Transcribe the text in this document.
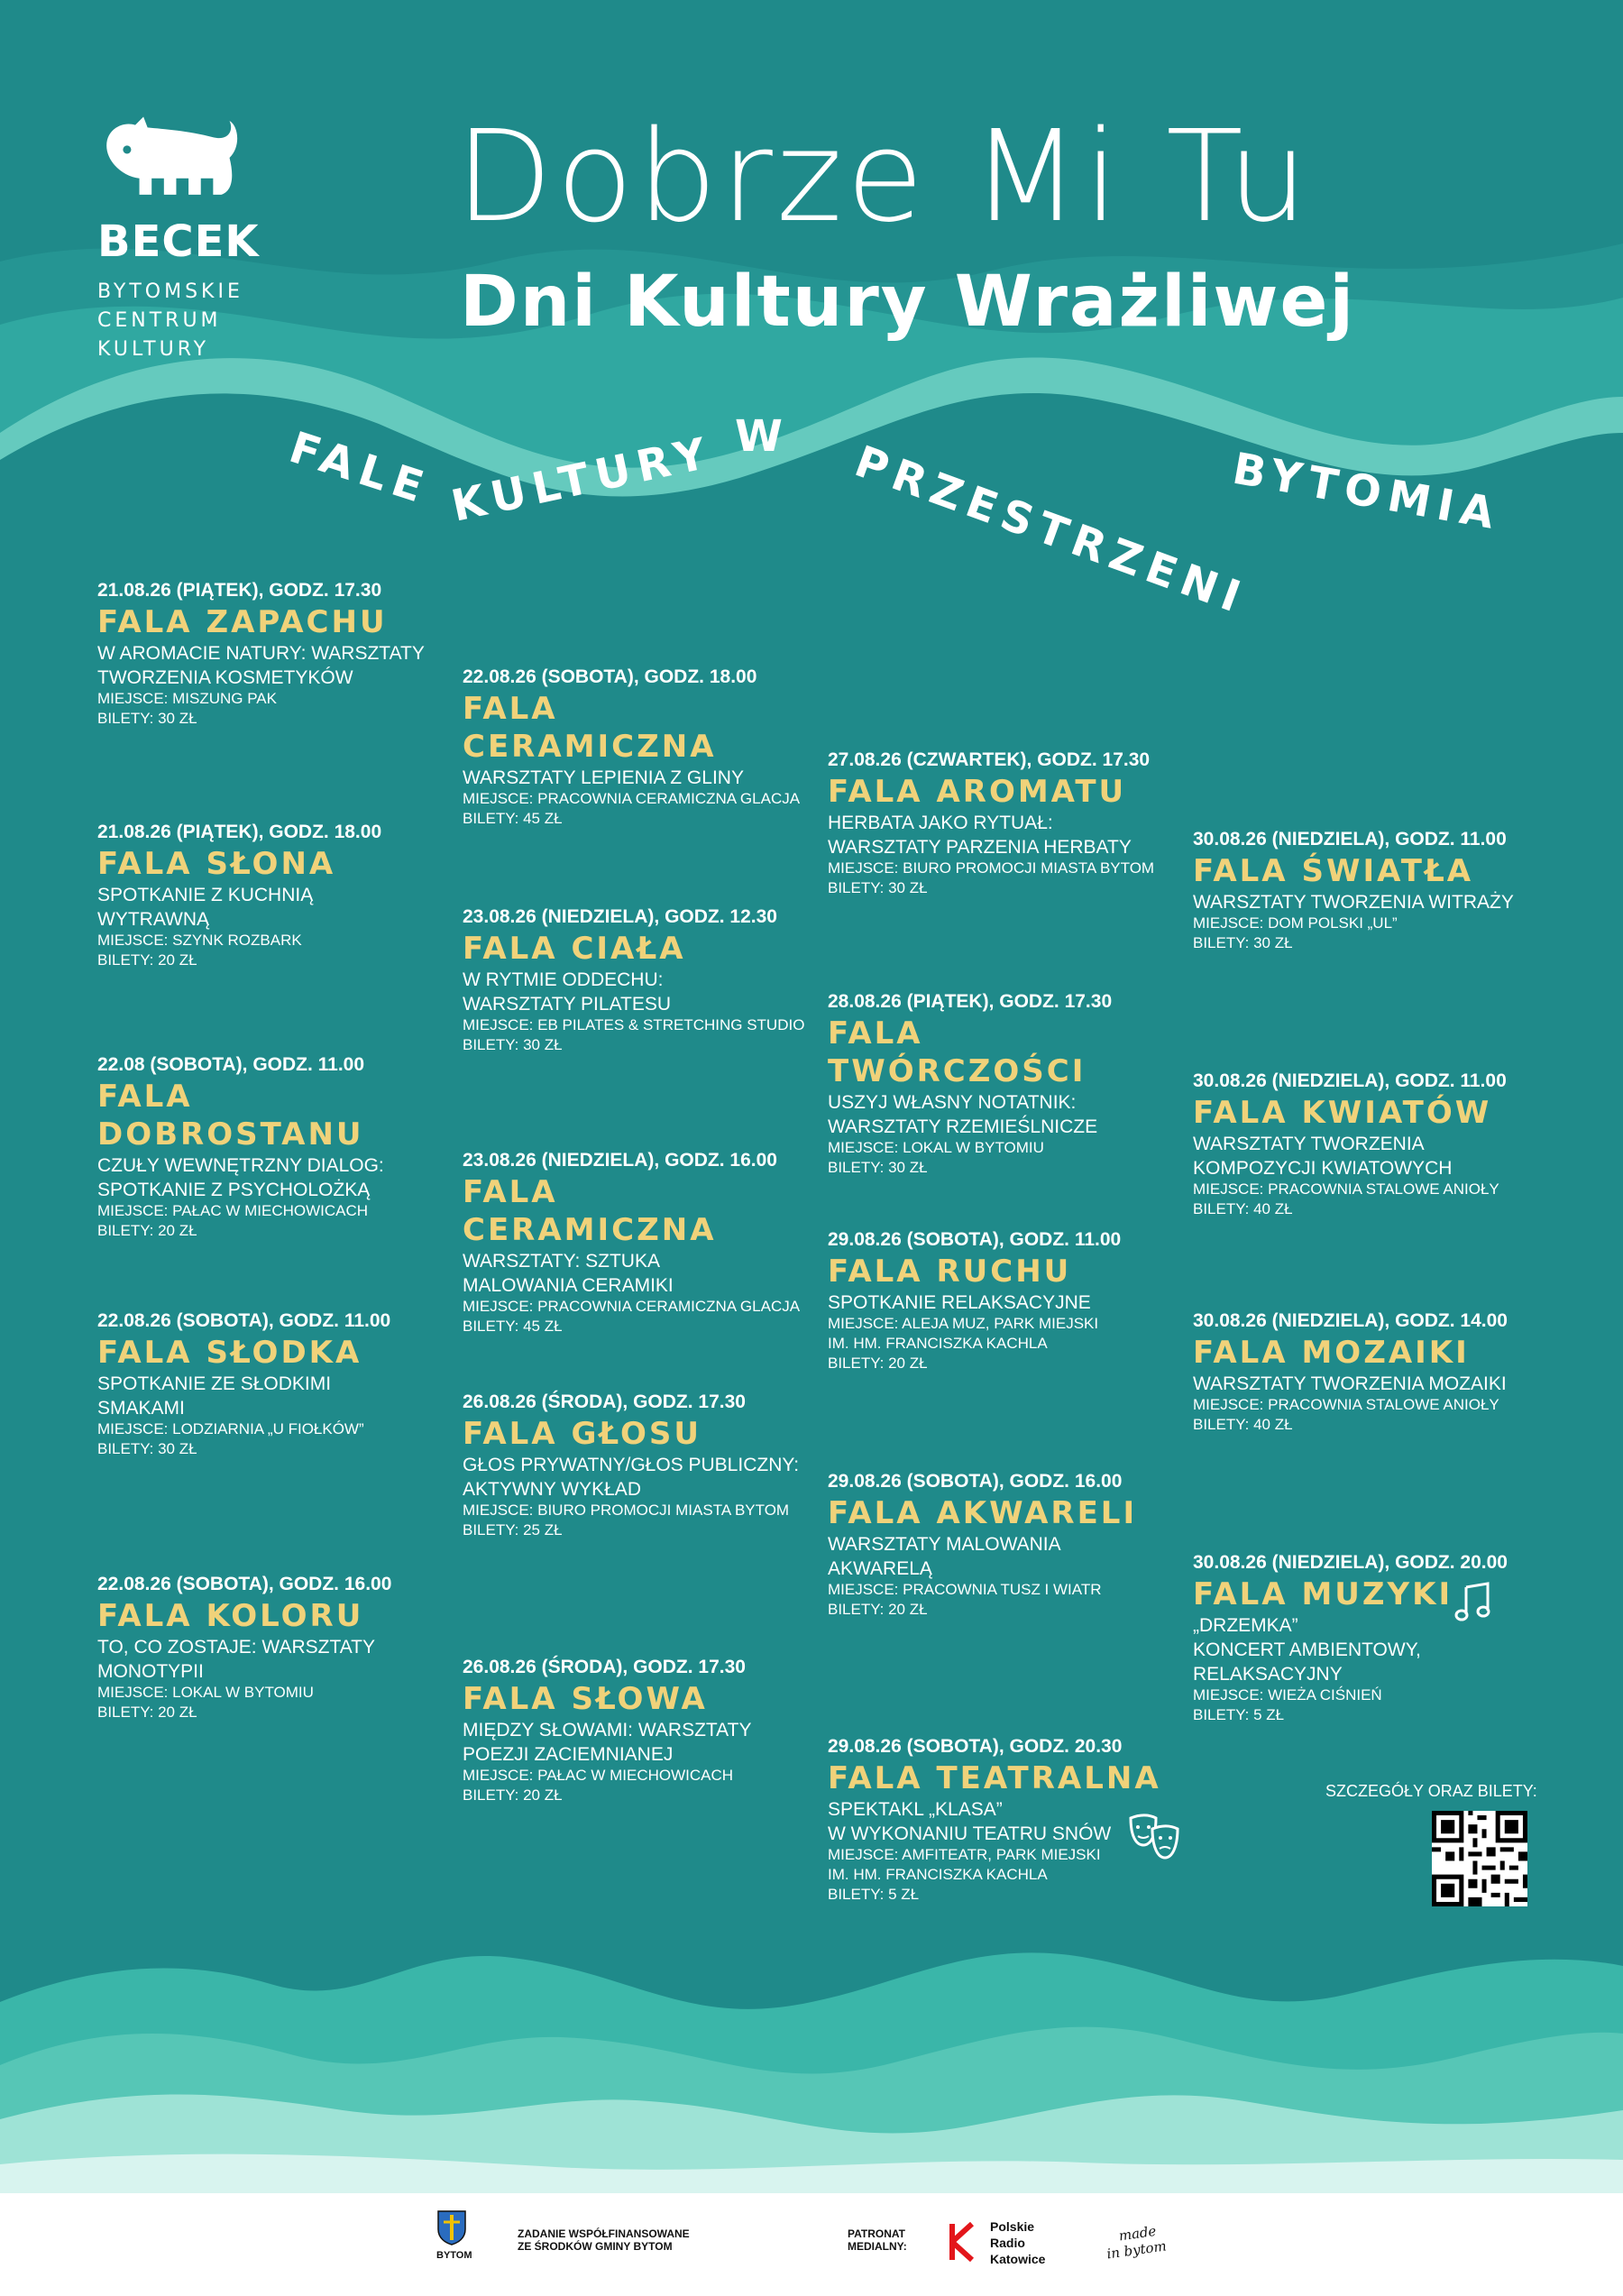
BECEK
BYTOMSKIE
CENTRUM
KULTURY
Dobrze Mi Tu
Dni Kultury Wrażliwej
FALE KULTURY W PRZESTRZENI
BYTOMIA
21.08.26 (PIĄTEK), GODZ. 17.30
FALA ZAPACHU
W AROMACIE NATURY: WARSZTATY
TWORZENIA KOSMETYKÓW
MIEJSCE: MISZUNG PAK
BILETY: 30 ZŁ
21.08.26 (PIĄTEK), GODZ. 18.00
FALA SŁONA
SPOTKANIE Z KUCHNIĄ
WYTRAWNĄ
MIEJSCE: SZYNK ROZBARK
BILETY: 20 ZŁ
22.08 (SOBOTA), GODZ. 11.00
FALA
DOBROSTANU
CZUŁY WEWNĘTRZNY DIALOG:
SPOTKANIE Z PSYCHOLOŻKĄ
MIEJSCE: PAŁAC W MIECHOWICACH
BILETY: 20 ZŁ
22.08.26 (SOBOTA), GODZ. 11.00
FALA SŁODKA
SPOTKANIE ZE SŁODKIMI
SMAKAMI
MIEJSCE: LODZIARNIA „U FIOŁKÓW”
BILETY: 30 ZŁ
22.08.26 (SOBOTA), GODZ. 16.00
FALA KOLORU
TO, CO ZOSTAJE: WARSZTATY
MONOTYPII
MIEJSCE: LOKAL W BYTOMIU
BILETY: 20 ZŁ
22.08.26 (SOBOTA), GODZ. 18.00
FALA
CERAMICZNA
WARSZTATY LEPIENIA Z GLINY
MIEJSCE: PRACOWNIA CERAMICZNA GLACJA
BILETY: 45 ZŁ
23.08.26 (NIEDZIELA), GODZ. 12.30
FALA CIAŁA
W RYTMIE ODDECHU:
WARSZTATY PILATESU
MIEJSCE: EB PILATES & STRETCHING STUDIO
BILETY: 30 ZŁ
23.08.26 (NIEDZIELA), GODZ. 16.00
FALA
CERAMICZNA
WARSZTATY: SZTUKA
MALOWANIA CERAMIKI
MIEJSCE: PRACOWNIA CERAMICZNA GLACJA
BILETY: 45 ZŁ
26.08.26 (ŚRODA), GODZ. 17.30
FALA GŁOSU
GŁOS PRYWATNY/GŁOS PUBLICZNY:
AKTYWNY WYKŁAD
MIEJSCE: BIURO PROMOCJI MIASTA BYTOM
BILETY: 25 ZŁ
26.08.26 (ŚRODA), GODZ. 17.30
FALA SŁOWA
MIĘDZY SŁOWAMI: WARSZTATY
POEZJI ZACIEMNIANEJ
MIEJSCE: PAŁAC W MIECHOWICACH
BILETY: 20 ZŁ
27.08.26 (CZWARTEK), GODZ. 17.30
FALA AROMATU
HERBATA JAKO RYTUAŁ:
WARSZTATY PARZENIA HERBATY
MIEJSCE: BIURO PROMOCJI MIASTA BYTOM
BILETY: 30 ZŁ
28.08.26 (PIĄTEK), GODZ. 17.30
FALA
TWÓRCZOŚCI
USZYJ WŁASNY NOTATNIK:
WARSZTATY RZEMIEŚLNICZE
MIEJSCE: LOKAL W BYTOMIU
BILETY: 30 ZŁ
29.08.26 (SOBOTA), GODZ. 11.00
FALA RUCHU
SPOTKANIE RELAKSACYJNE
MIEJSCE: ALEJA MUZ, PARK MIEJSKI
IM. HM. FRANCISZKA KACHLA
BILETY: 20 ZŁ
29.08.26 (SOBOTA), GODZ. 16.00
FALA AKWARELI
WARSZTATY MALOWANIA
AKWARELĄ
MIEJSCE: PRACOWNIA TUSZ I WIATR
BILETY: 20 ZŁ
29.08.26 (SOBOTA), GODZ. 20.30
FALA TEATRALNA
SPEKTAKL „KLASA”
W WYKONANIU TEATRU SNÓW
MIEJSCE: AMFITEATR, PARK MIEJSKI
IM. HM. FRANCISZKA KACHLA
BILETY: 5 ZŁ
30.08.26 (NIEDZIELA), GODZ. 11.00
FALA ŚWIATŁA
WARSZTATY TWORZENIA WITRAŻY
MIEJSCE: DOM POLSKI „UL”
BILETY: 30 ZŁ
30.08.26 (NIEDZIELA), GODZ. 11.00
FALA KWIATÓW
WARSZTATY TWORZENIA
KOMPOZYCJI KWIATOWYCH
MIEJSCE: PRACOWNIA STALOWE ANIOŁY
BILETY: 40 ZŁ
30.08.26 (NIEDZIELA), GODZ. 14.00
FALA MOZAIKI
WARSZTATY TWORZENIA MOZAIKI
MIEJSCE: PRACOWNIA STALOWE ANIOŁY
BILETY: 40 ZŁ
30.08.26 (NIEDZIELA), GODZ. 20.00
FALA MUZYKI
„DRZEMKA”
KONCERT AMBIENTOWY,
RELAKSACYJNY
MIEJSCE: WIEŻA CIŚNIEŃ
BILETY: 5 ZŁ
SZCZEGÓŁY ORAZ BILETY:
BYTOM
ZADANIE WSPÓŁFINANSOWANE
ZE ŚRODKÓW GMINY BYTOM
PATRONAT
MEDIALNY:
Polskie
Radio
Katowice
made
in bytom
